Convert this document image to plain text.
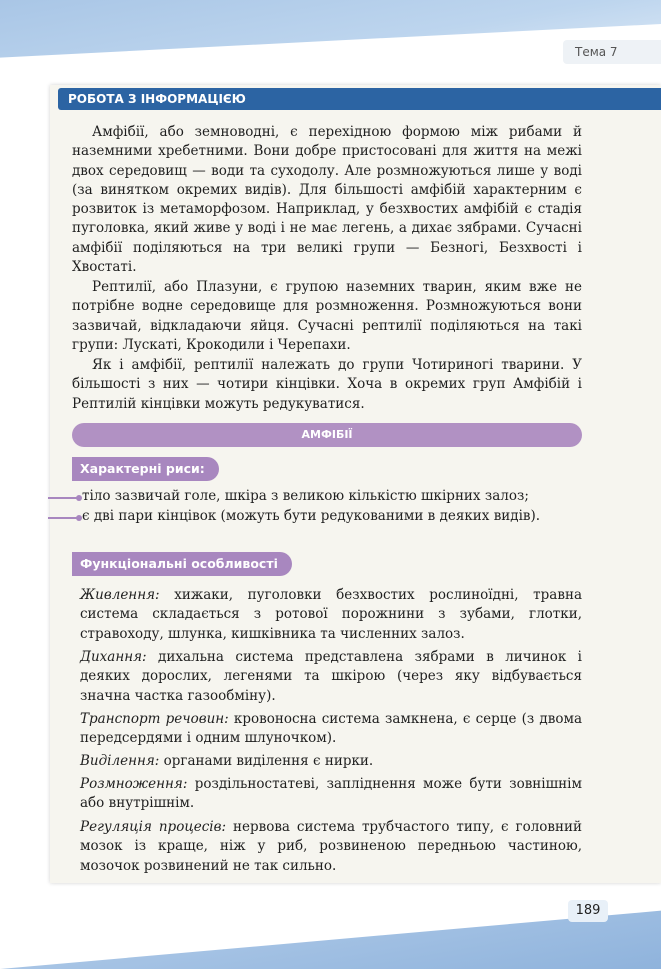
Тема 7
РОБОТА З ІНФОРМАЦІЄЮ

Амфібії, або земноводні, є перехідною формою між рибами й наземними хребетними. Вони добре пристосовані для життя на межі двох середовищ — води та суходолу. Але розмножуються лише у воді (за винятком окремих видів). Для більшості амфібій характерним є розвиток із метаморфозом. Наприклад, у безхвостих амфібій є стадія пуголовка, який живе у воді і не має легень, а дихає зябрами. Сучасні амфібії поділяються на три великі групи — Безногі, Безхвості і Хвостаті.

Рептилії, або Плазуни, є групою наземних тварин, яким вже не потрібне водне середовище для розмноження. Розмножуються вони зазвичай, відкладаючи яйця. Сучасні рептилії поділяються на такі групи: Лускаті, Крокодили і Черепахи.

Як і амфібії, рептилії належать до групи Чотириногі тварини. У більшості з них — чотири кінцівки. Хоча в окремих груп Амфібій і Рептилій кінцівки можуть редукуватися.

АМФІБІЇ
Характерні риси:
тіло зазвичай голе, шкіра з великою кількістю шкірних залоз;
є дві пари кінцівок (можуть бути редукованими в деяких видів).
Функціональні особливості

Живлення: хижаки, пуголовки безхвостих рослиноїдні, травна система складається з ротової порожнини з зубами, глотки, стравоходу, шлунка, кишківника та численних залоз.

Дихання: дихальна система представлена зябрами в личинок і деяких дорослих, легенями та шкірою (через яку відбувається значна частка газообміну).

Транспорт речовин: кровоносна система замкнена, є серце (з двома передсердями і одним шлуночком).

Виділення: органами виділення є нирки.

Розмноження: роздільностатеві, запліднення може бути зовнішнім або внутрішнім.

Регуляція процесів: нервова система трубчастого типу, є головний мозок із краще, ніж у риб, розвиненою передньою частиною, мозочок розвинений не так сильно.

189
